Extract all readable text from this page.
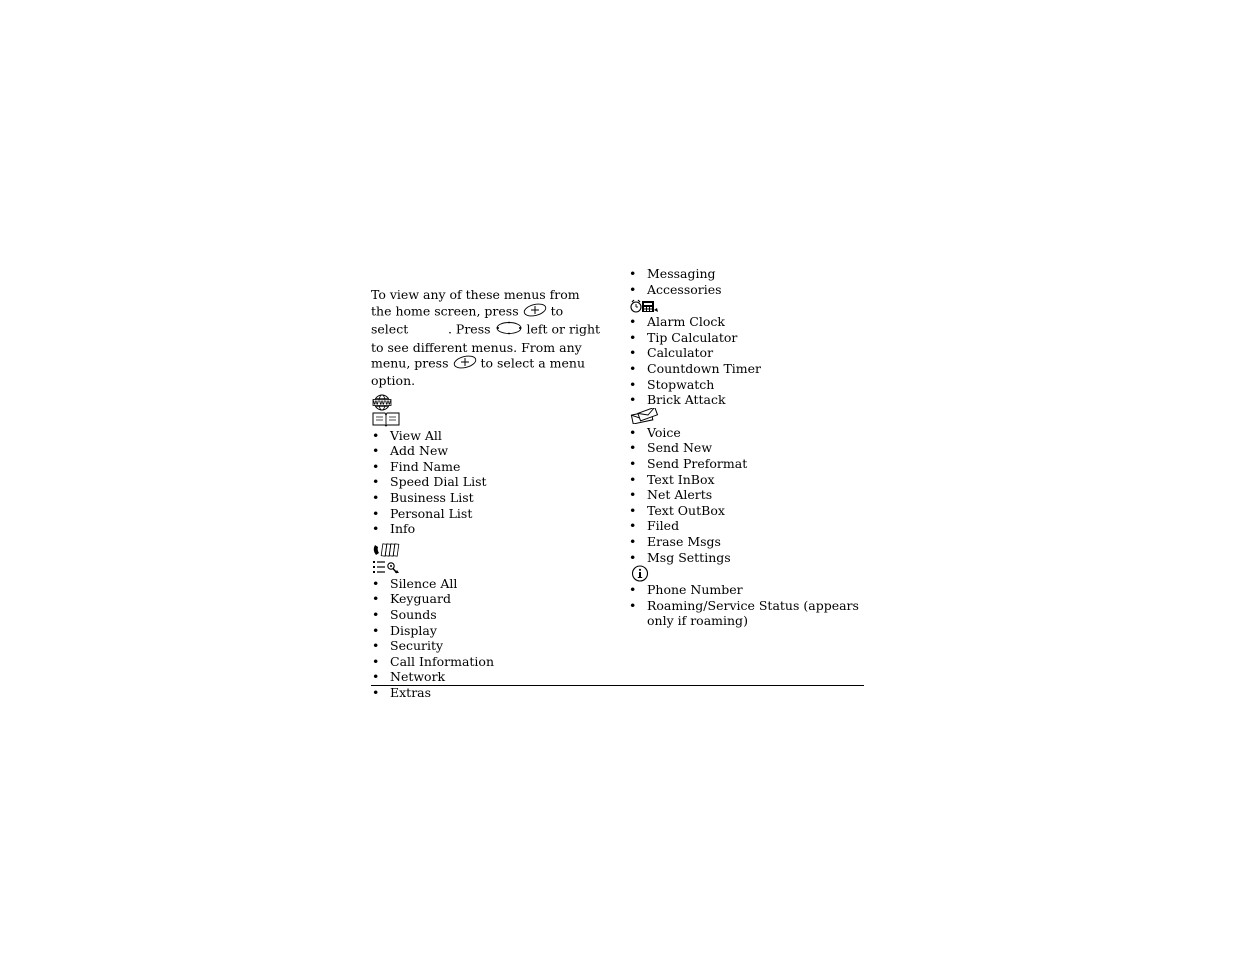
To view any of these menus from the home screen, press	to select	. Press	left or right to see different menus. From any menu, press	to select a menu option.

WWW
• View All
• Add New
• Find Name
• Speed Dial List
• Business List
• Personal List
• Info
• Silence All
• Keyguard
• Sounds
• Display
• Security
• Call Information
• Network
• Extras
• Messaging
• Accessories
• Alarm Clock
• Tip Calculator
• Calculator
• Countdown Timer
• Stopwatch
• Brick Attack
• Voice
• Send New
• Send Preformat
• Text InBox
• Net Alerts
• Text OutBox
• Filed
• Erase Msgs
• Msg Settings
• Phone Number
• Roaming/Service Status (appears only if roaming)
